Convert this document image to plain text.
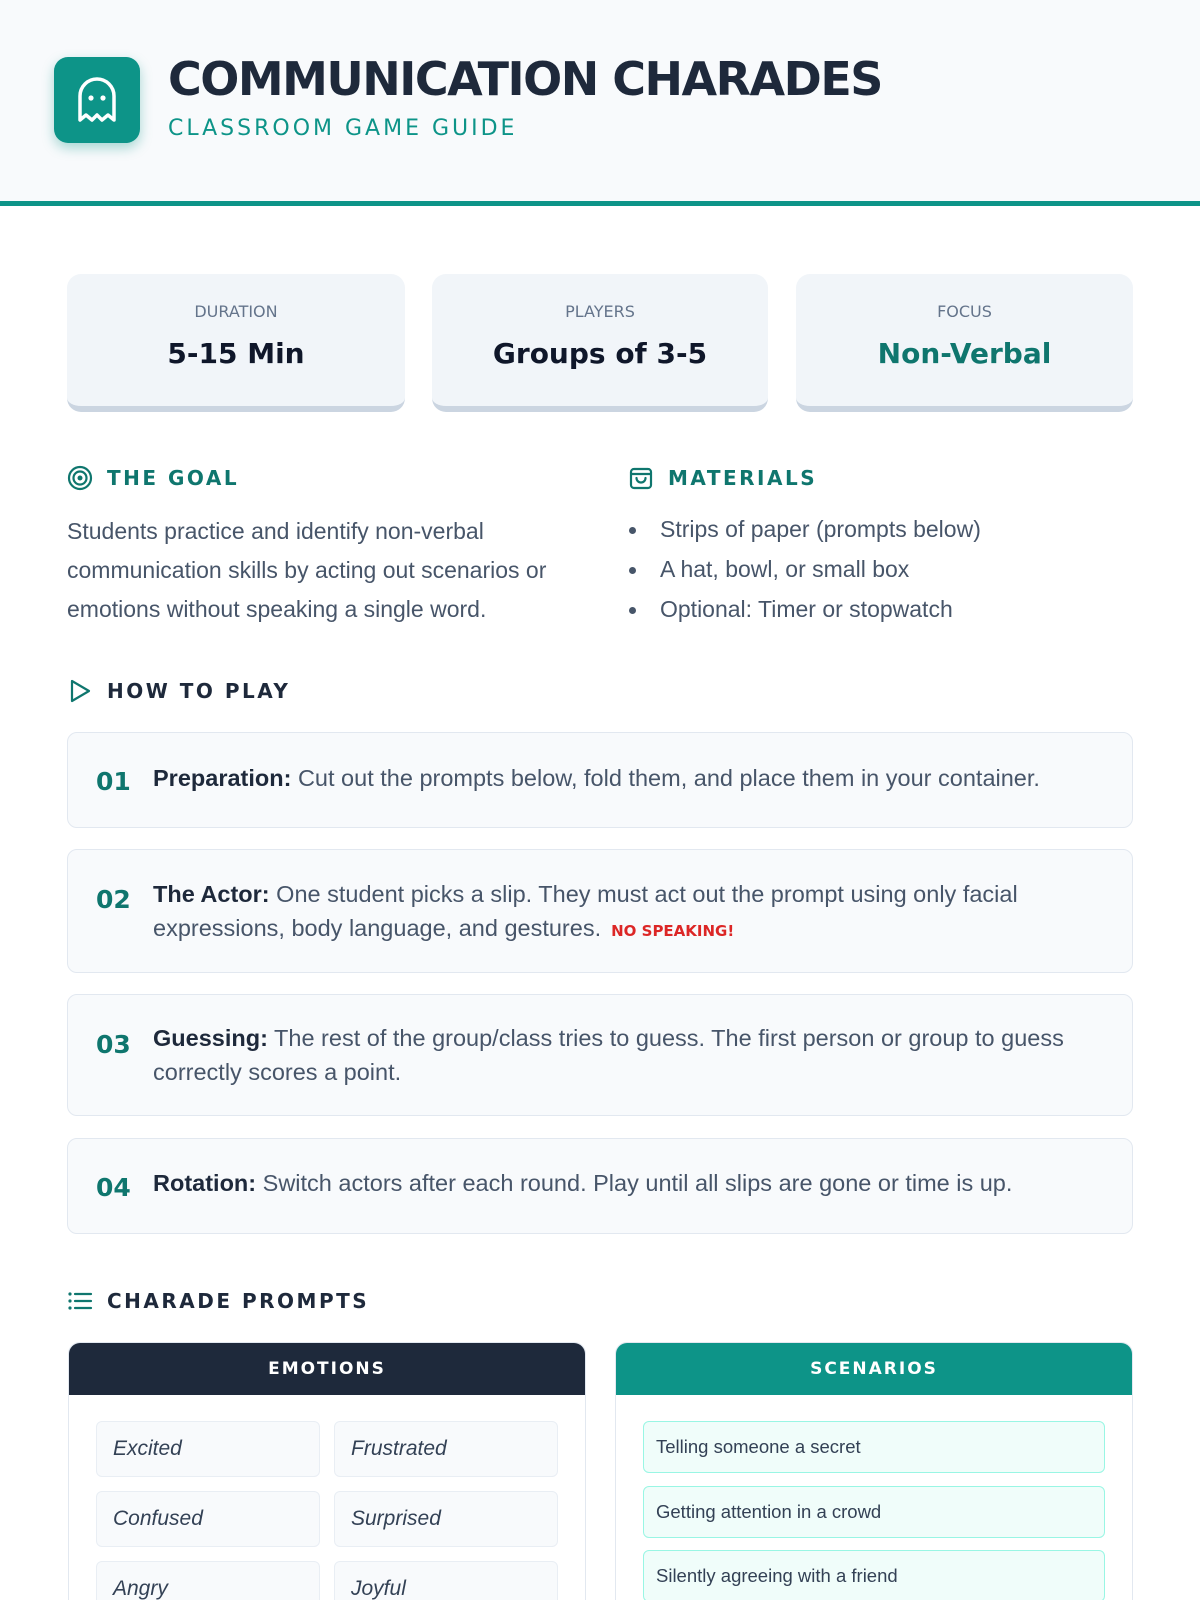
COMMUNICATION CHARADES
CLASSROOM GAME GUIDE
DURATION
5-15 Min
PLAYERS
Groups of 3-5
FOCUS
Non-Verbal
THE GOAL

Students practice and identify non-verbal communication skills by acting out scenarios or emotions without speaking a single word.

MATERIALS
Strips of paper (prompts below)
A hat, bowl, or small box
Optional: Timer or stopwatch
HOW TO PLAY
01 Preparation: Cut out the prompts below, fold them, and place them in your container.
02 The Actor: One student picks a slip. They must act out the prompt using only facial expressions, body language, and gestures. NO SPEAKING!
03 Guessing: The rest of the group/class tries to guess. The first person or group to guess correctly scores a point.
04 Rotation: Switch actors after each round. Play until all slips are gone or time is up.
CHARADE PROMPTS
EMOTIONS
Excited	Frustrated
Confused	Surprised
Angry	Joyful
SCENARIOS
Telling someone a secret
Getting attention in a crowd
Silently agreeing with a friend
